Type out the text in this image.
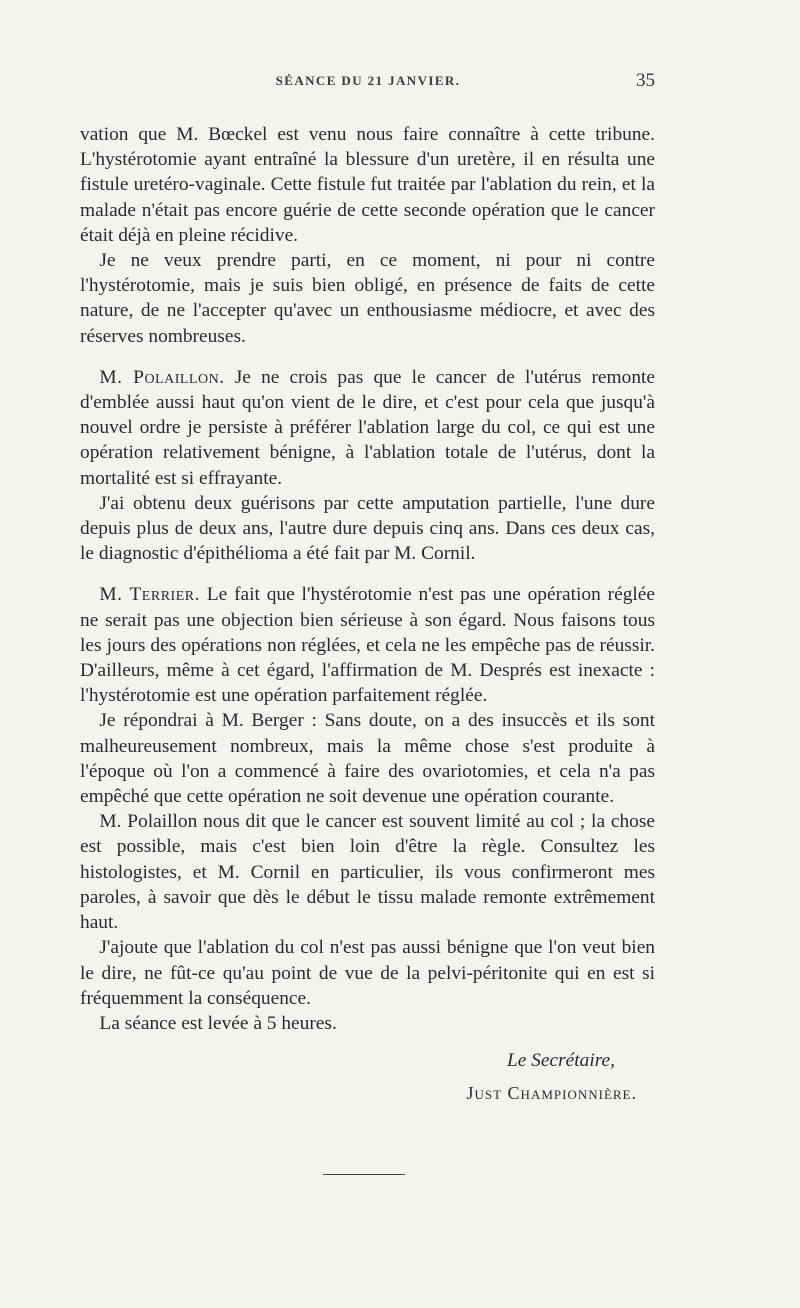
SÉANCE DU 21 JANVIER.	35

vation que M. Bœckel est venu nous faire connaître à cette tribune. L'hystérotomie ayant entraîné la blessure d'un uretère, il en résulta une fistule uretéro-vaginale. Cette fistule fut traitée par l'ablation du rein, et la malade n'était pas encore guérie de cette seconde opération que le cancer était déjà en pleine récidive.

Je ne veux prendre parti, en ce moment, ni pour ni contre l'hystérotomie, mais je suis bien obligé, en présence de faits de cette nature, de ne l'accepter qu'avec un enthousiasme médiocre, et avec des réserves nombreuses.

M. Polaillon. Je ne crois pas que le cancer de l'utérus remonte d'emblée aussi haut qu'on vient de le dire, et c'est pour cela que jusqu'à nouvel ordre je persiste à préférer l'ablation large du col, ce qui est une opération relativement bénigne, à l'ablation totale de l'utérus, dont la mortalité est si effrayante.

J'ai obtenu deux guérisons par cette amputation partielle, l'une dure depuis plus de deux ans, l'autre dure depuis cinq ans. Dans ces deux cas, le diagnostic d'épithélioma a été fait par M. Cornil.

M. Terrier. Le fait que l'hystérotomie n'est pas une opération réglée ne serait pas une objection bien sérieuse à son égard. Nous faisons tous les jours des opérations non réglées, et cela ne les empêche pas de réussir. D'ailleurs, même à cet égard, l'affirmation de M. Després est inexacte : l'hystérotomie est une opération parfaitement réglée.

Je répondrai à M. Berger : Sans doute, on a des insuccès et ils sont malheureusement nombreux, mais la même chose s'est produite à l'époque où l'on a commencé à faire des ovariotomies, et cela n'a pas empêché que cette opération ne soit devenue une opération courante.

M. Polaillon nous dit que le cancer est souvent limité au col ; la chose est possible, mais c'est bien loin d'être la règle. Consultez les histologistes, et M. Cornil en particulier, ils vous confirmeront mes paroles, à savoir que dès le début le tissu malade remonte extrêmement haut.

J'ajoute que l'ablation du col n'est pas aussi bénigne que l'on veut bien le dire, ne fût-ce qu'au point de vue de la pelvi-péritonite qui en est si fréquemment la conséquence.

La séance est levée à 5 heures.

Le Secrétaire,
Just Championnière.
